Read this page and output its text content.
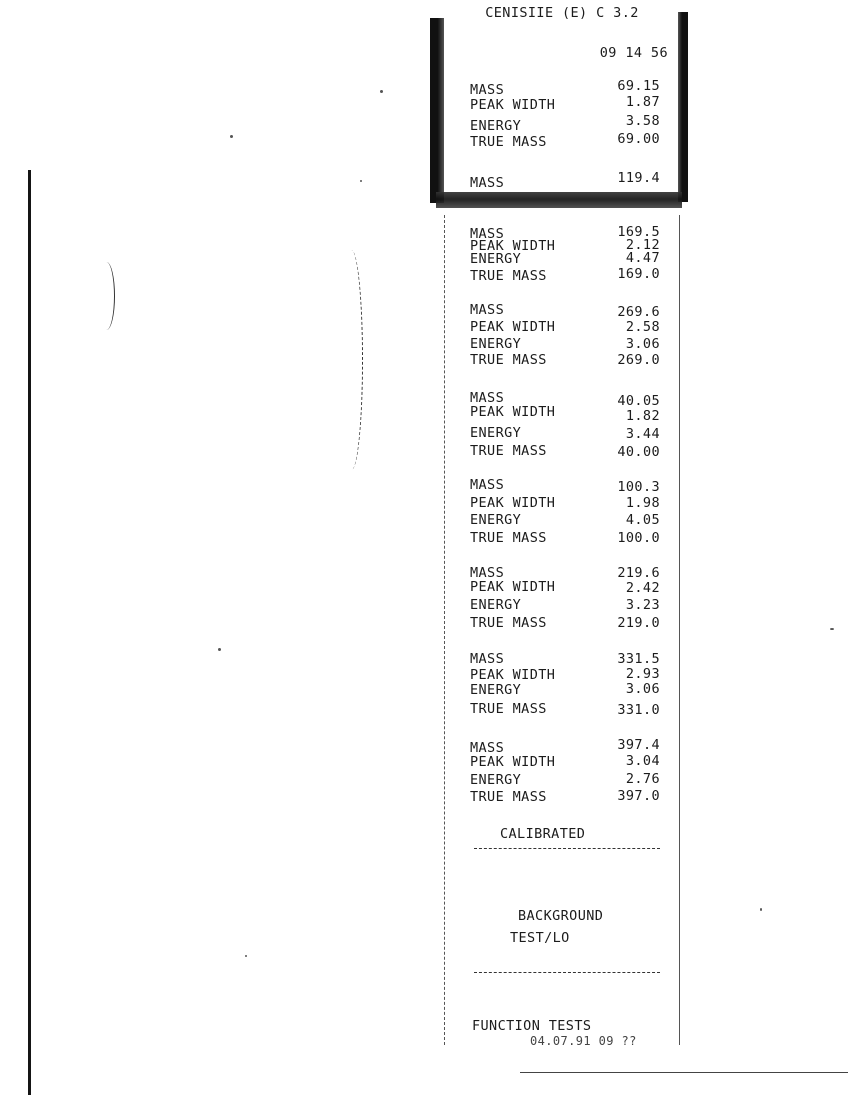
CENISIIE (E) C 3.2
09 14 56
MASS	69.15
PEAK WIDTH	1.87
ENERGY	3.58
TRUE MASS	69.00
MASS	119.4
MASS	169.5
PEAK WIDTH	2.12
ENERGY	4.47
TRUE MASS	169.0
MASS	269.6
PEAK WIDTH	2.58
ENERGY	3.06
TRUE MASS	269.0
MASS	40.05
PEAK WIDTH	1.82
ENERGY	3.44
TRUE MASS	40.00
MASS	100.3
PEAK WIDTH	1.98
ENERGY	4.05
TRUE MASS	100.0
MASS	219.6
PEAK WIDTH	2.42
ENERGY	3.23
TRUE MASS	219.0
MASS	331.5
PEAK WIDTH	2.93
ENERGY	3.06
TRUE MASS	331.0
MASS	397.4
PEAK WIDTH	3.04
ENERGY	2.76
TRUE MASS	397.0
CALIBRATED
BACKGROUND
TEST/LO
FUNCTION TESTS
04.07.91 09 ??
